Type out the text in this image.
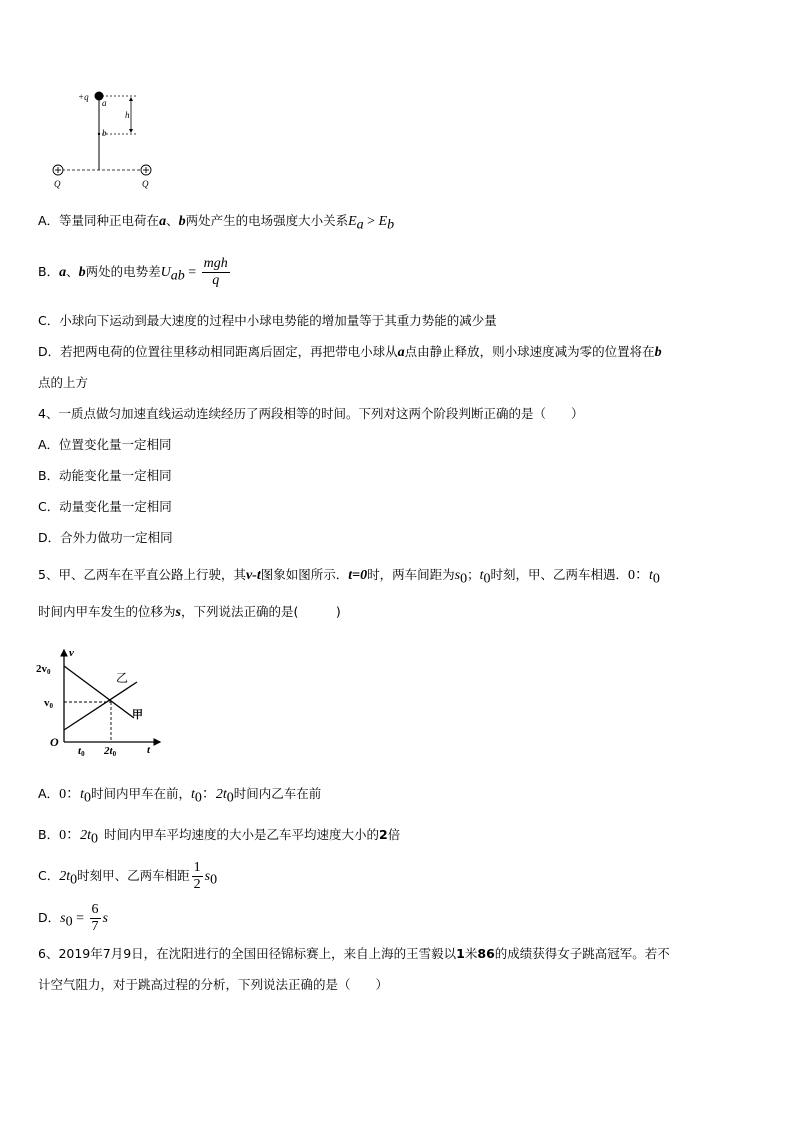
+q
h
a
b
Q	Q
A．等量同种正电荷在a、b两处产生的电场强度大小关系$E_a > E_b$
B．a、b两处的电势差$U_{ab} = \frac{\text{mgh}}{q}$
C．小球向下运动到最大速度的过程中小球电势能的增加量等于其重力势能的减少量
D．若把两电荷的位置往里移动相同距离后固定，再把带电小球从a点由静止释放，则小球速度减为零的位置将在b
点的上方
4、一质点做匀加速直线运动连续经历了两段相等的时间。下列对这两个阶段判断正确的是（　　）
A．位置变化量一定相同
B．动能变化量一定相同
C．动量变化量一定相同
D．合外力做功一定相同
5、甲、乙两车在平直公路上行驶，其v-t图象如图所示．t=0时，两车间距为$s_0$；$t_0$时刻，甲、乙两车相遇．0：$t_0$
时间内甲车发生的位移为s，下列说法正确的是(　　　)
v
t
O
2v0
v0
t0 2t0
乙
甲
A．0：$t_0$时间内甲车在前，$t_0$：$2t_0$时间内乙车在前
B．0：$2t_0$ 时间内甲车平均速度的大小是乙车平均速度大小的2倍
C．$2t_0$时刻甲、乙两车相距 $\frac{1}{2} s_0$
D．$s_0 = \frac{6}{7}$ s
6、2019年7月9日，在沈阳进行的全国田径锦标赛上，来自上海的王雪毅以1米86的成绩获得女子跳高冠军。若不
计空气阻力，对于跳高过程的分析，下列说法正确的是（　　）
